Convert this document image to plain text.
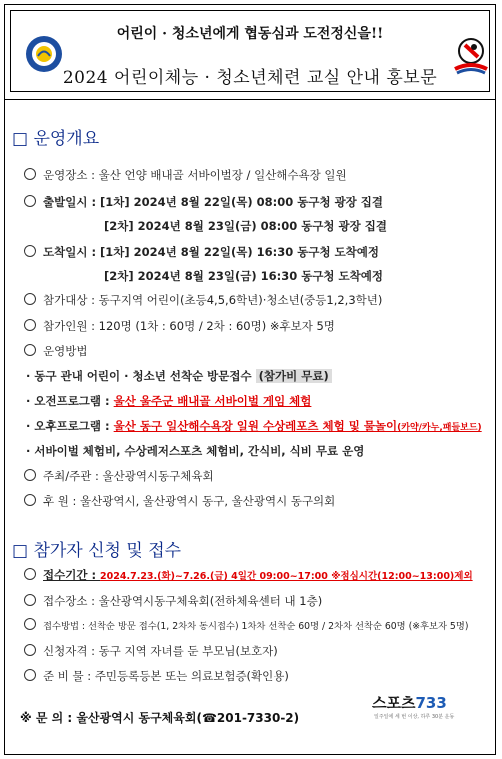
어린이 · 청소년에게 협동심과 도전정신을!!
2024 어린이체능 · 청소년체련 교실 안내 홍보문
□ 운영개요
운영장소 : 울산 언양 배내골 서바이벌장 / 일산해수욕장 일원
출발일시 : [1차] 2024년 8월 22일(목) 08:00 동구청 광장 집결
[2차] 2024년 8월 23일(금) 08:00 동구청 광장 집결
도착일시 : [1차] 2024년 8월 22일(목) 16:30 동구청 도착예정
[2차] 2024년 8월 23일(금) 16:30 동구청 도착예정
참가대상 : 동구지역 어린이(초등4,5,6학년)·청소년(중등1,2,3학년)
참가인원 : 120명 (1차 : 60명 / 2차 : 60명) ※후보자 5명
운영방법
· 동구 관내 어린이 · 청소년 선착순 방문접수 (참가비 무료)
· 오전프로그램 : 울산 울주군 배내골 서바이벌 게임 체험
· 오후프로그램 : 울산 동구 일산해수욕장 일원 수상레포츠 체험 및 물놀이(카약/카누,패들보드)
· 서바이벌 체험비, 수상레저스포츠 체험비, 간식비, 식비 무료 운영
주최/주관 : 울산광역시동구체육회
후 원 : 울산광역시, 울산광역시 동구, 울산광역시 동구의회
□ 참가자 신청 및 접수
접수기간 : 2024.7.23.(화)~7.26.(금) 4일간 09:00~17:00 ※점심시간(12:00~13:00)제외
접수장소 : 울산광역시동구체육회(전하체육센터 내 1층)
접수방법 : 선착순 방문 접수(1, 2차차 동시접수) 1차차 선착순 60명 / 2차차 선착순 60명 (※후보자 5명)
신청자격 : 동구 지역 자녀를 둔 부모님(보호자)
준 비 물 : 주민등록등본 또는 의료보험증(확인용)
※ 문 의 : 울산광역시 동구체육회(☎201-7330-2)
스포츠733
일주일에 세 번 이상, 하루 30분 운동
